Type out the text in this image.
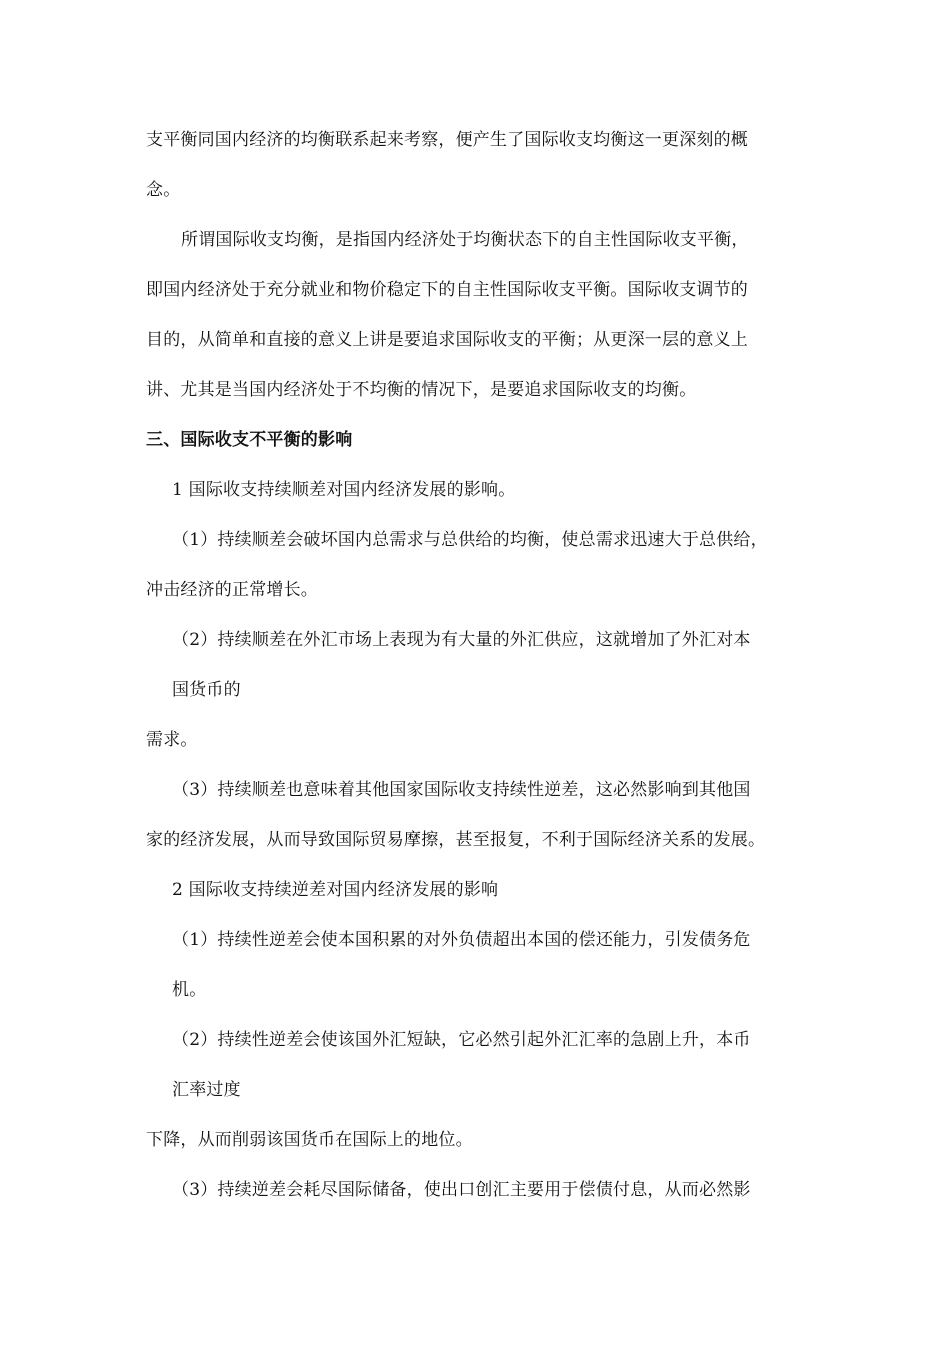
支平衡同国内经济的均衡联系起来考察，便产生了国际收支均衡这一更深刻的概
念。
所谓国际收支均衡，是指国内经济处于均衡状态下的自主性国际收支平衡，
即国内经济处于充分就业和物价稳定下的自主性国际收支平衡。国际收支调节的
目的，从简单和直接的意义上讲是要追求国际收支的平衡；从更深一层的意义上
讲、尤其是当国内经济处于不均衡的情况下，是要追求国际收支的均衡。
三、国际收支不平衡的影响
1 国际收支持续顺差对国内经济发展的影响。
（1）持续顺差会破坏国内总需求与总供给的均衡，使总需求迅速大于总供给，
冲击经济的正常增长。
（2）持续顺差在外汇市场上表现为有大量的外汇供应，这就增加了外汇对本
国货币的
需求。
（3）持续顺差也意味着其他国家国际收支持续性逆差，这必然影响到其他国
家的经济发展，从而导致国际贸易摩擦，甚至报复，不利于国际经济关系的发展。
2 国际收支持续逆差对国内经济发展的影响
（1）持续性逆差会使本国积累的对外负债超出本国的偿还能力，引发债务危
机。
（2）持续性逆差会使该国外汇短缺，它必然引起外汇汇率的急剧上升，本币
汇率过度
下降，从而削弱该国货币在国际上的地位。
（3）持续逆差会耗尽国际储备，使出口创汇主要用于偿债付息，从而必然影
